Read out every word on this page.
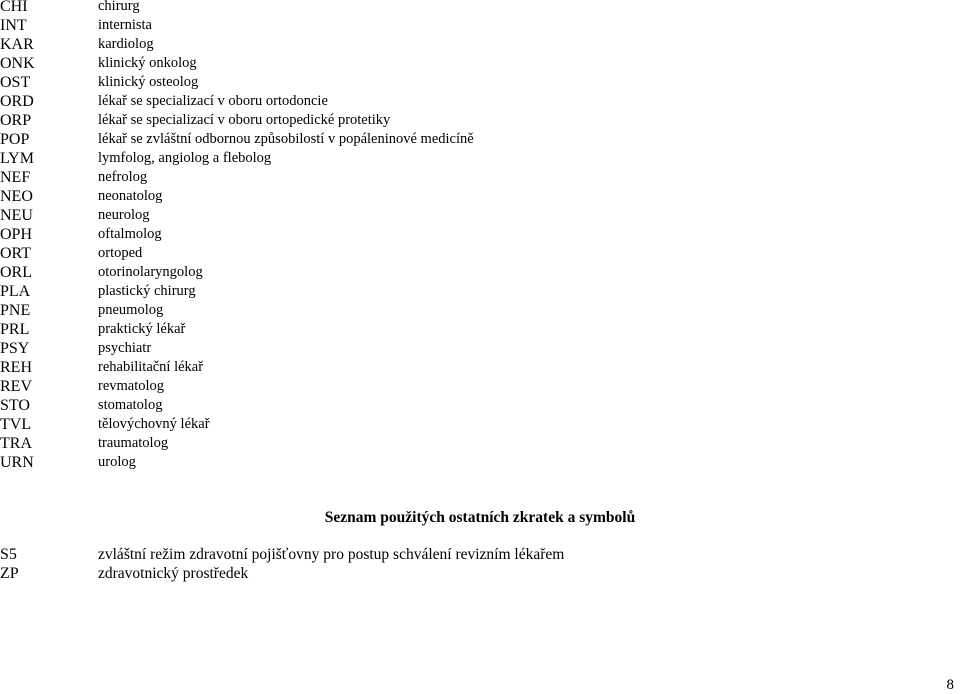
CHI	chirurg
INT	internista
KAR	kardiolog
ONK	klinický onkolog
OST	klinický osteolog
ORD	lékař se specializací v oboru ortodoncie
ORP	lékař se specializací v oboru ortopedické protetiky
POP	lékař se zvláštní odbornou způsobilostí v popáleninové medicíně
LYM	lymfolog, angiolog a flebolog
NEF	nefrolog
NEO	neonatolog
NEU	neurolog
OPH	oftalmolog
ORT	ortoped
ORL	otorinolaryngolog
PLA	plastický chirurg
PNE	pneumolog
PRL	praktický lékař
PSY	psychiatr
REH	rehabilitační lékař
REV	revmatolog
STO	stomatolog
TVL	tělovýchovný lékař
TRA	traumatolog
URN	urolog
Seznam použitých ostatních zkratek a symbolů
S5	zvláštní režim zdravotní pojišťovny pro postup schválení revizním lékařem
ZP	zdravotnický prostředek
8
